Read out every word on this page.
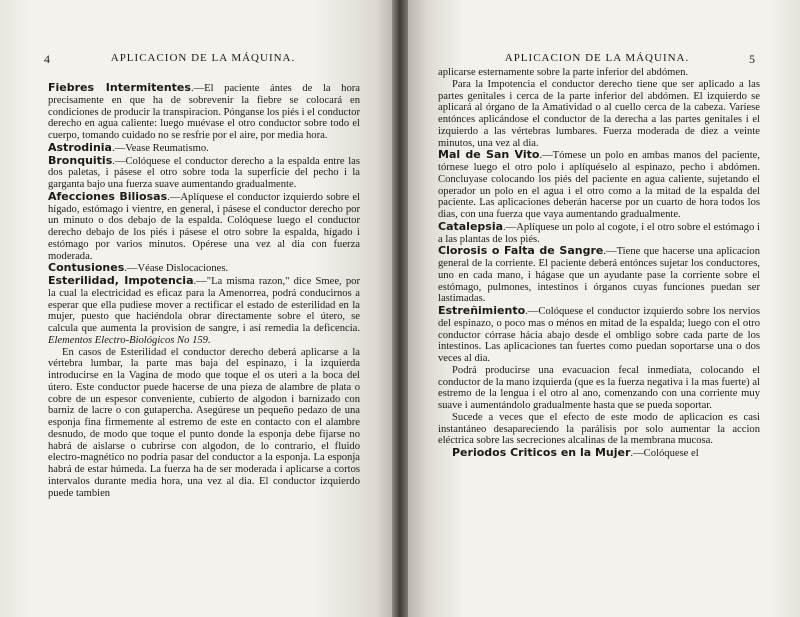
4	APLICACION DE LA MÁQUINA.

Fiebres Intermitentes.—El paciente ántes de la hora precisamente en que ha de sobrevenir la fiebre se colocará en condiciones de producir la transpiracion. Pónganse los piés i el conductor derecho en agua caliente: luego muévase el otro conductor sobre todo el cuerpo, tomando cuidado no se resfrie por el aire, por media hora.

Astrodinia.—Vease Reumatismo.

Bronquitis.—Colóquese el conductor derecho a la espalda entre las dos paletas, i pásese el otro sobre toda la superficie del pecho i la garganta bajo una fuerza suave aumentando gradualmente.

Afecciones Biliosas.—Aplíquese el conductor izquierdo sobre el hígado, estómago i vientre, en general, i pásese el conductor derecho por un minuto o dos debajo de la espalda. Colóquese luego el conductor derecho debajo de los piés i pásese el otro sobre la espalda, hígado i estómago por varios minutos. Opérese una vez al dia con fuerza moderada.

Contusiones.—Véase Dislocaciones.

Esterilidad, Impotencia.—"La misma razon," dice Smee, por la cual la electricidad es eficaz para la Amenorrea, podrá conducirnos a esperar que ella pudiese mover a rectificar el estado de esterilidad en la mujer, puesto que haciéndola obrar directamente sobre el útero, se calcula que aumenta la provision de sangre, i así remedia la deficencia. Elementos Electro-Biológicos No 159.

En casos de Esterilidad el conductor derecho deberá aplicarse a la vértebra lumbar, la parte mas baja del espinazo, i la izquierda introducirse en la Vagina de modo que toque el os uteri a la boca del útero. Este conductor puede hacerse de una pieza de alambre de plata o cobre de un espesor conveniente, cubierto de algodon i barnizado con barniz de lacre o con gutapercha. Asegúrese un pequeño pedazo de una esponja fina firmemente al estremo de este en contacto con el alambre desnudo, de modo que toque el punto donde la esponja debe fijarse no habrá de aislarse o cubrirse con algodon, de lo contrario, el fluido electro-magnético no podria pasar del conductor a la esponja. La esponja habrá de estar húmeda. La fuerza ha de ser moderada i aplicarse a cortos intervalos durante media hora, una vez al dia. El conductor izquierdo puede tambien

APLICACION DE LA MÁQUINA.	5

aplicarse esternamente sobre la parte inferior del abdómen.

Para la Impotencia el conductor derecho tiene que ser aplicado a las partes genitales i cerca de la parte inferior del abdómen. El izquierdo se aplicará al órgano de la Amatividad o al cuello cerca de la cabeza. Varíese entónces aplicándose el conductor de la derecha a las partes genitales i el izquierdo a las vértebras lumbares. Fuerza moderada de diez a veinte minutos, una vez al dia.

Mal de San Vito.—Tómese un polo en ambas manos del paciente, tórnese luego el otro polo i aplíquéselo al espinazo, pecho i abdómen. Concluyase colocando los piés del paciente en agua caliente, sujetando el operador un polo en el agua i el otro como a la mitad de la espalda del paciente. Las aplicaciones deberán hacerse por un cuarto de hora todos los dias, con una fuerza que vaya aumentando gradualmente.

Catalepsia.—Aplíquese un polo al cogote, i el otro sobre el estómago i a las plantas de los piés.

Clorosis o Falta de Sangre.—Tiene que hacerse una aplicacion general de la corriente. El paciente deberá entónces sujetar los conductores, uno en cada mano, i hágase que un ayudante pase la corriente sobre el estómago, pulmones, intestinos i órganos cuyas funciones puedan ser lastimadas.

Estreñimiento.—Colóquese el conductor izquierdo sobre los nervios del espinazo, o poco mas o ménos en mitad de la espalda; luego con el otro conductor córrase hácia abajo desde el ombligo sobre cada parte de los intestinos. Las aplicaciones tan fuertes como puedan soportarse una o dos veces al dia.

Podrá producirse una evacuacion fecal inmediata, colocando el conductor de la mano izquierda (que es la fuerza negativa i la mas fuerte) al estremo de la lengua i el otro al ano, comenzando con una corriente muy suave i aumentándolo gradualmente hasta que se pueda soportar.

Sucede a veces que el efecto de este modo de aplicacion es casi instantáneo desapareciendo la parálisis por solo aumentar la accion eléctrica sobre las secreciones alcalinas de la membrana mucosa.

Periodos Criticos en la Mujer.—Colóquese el
